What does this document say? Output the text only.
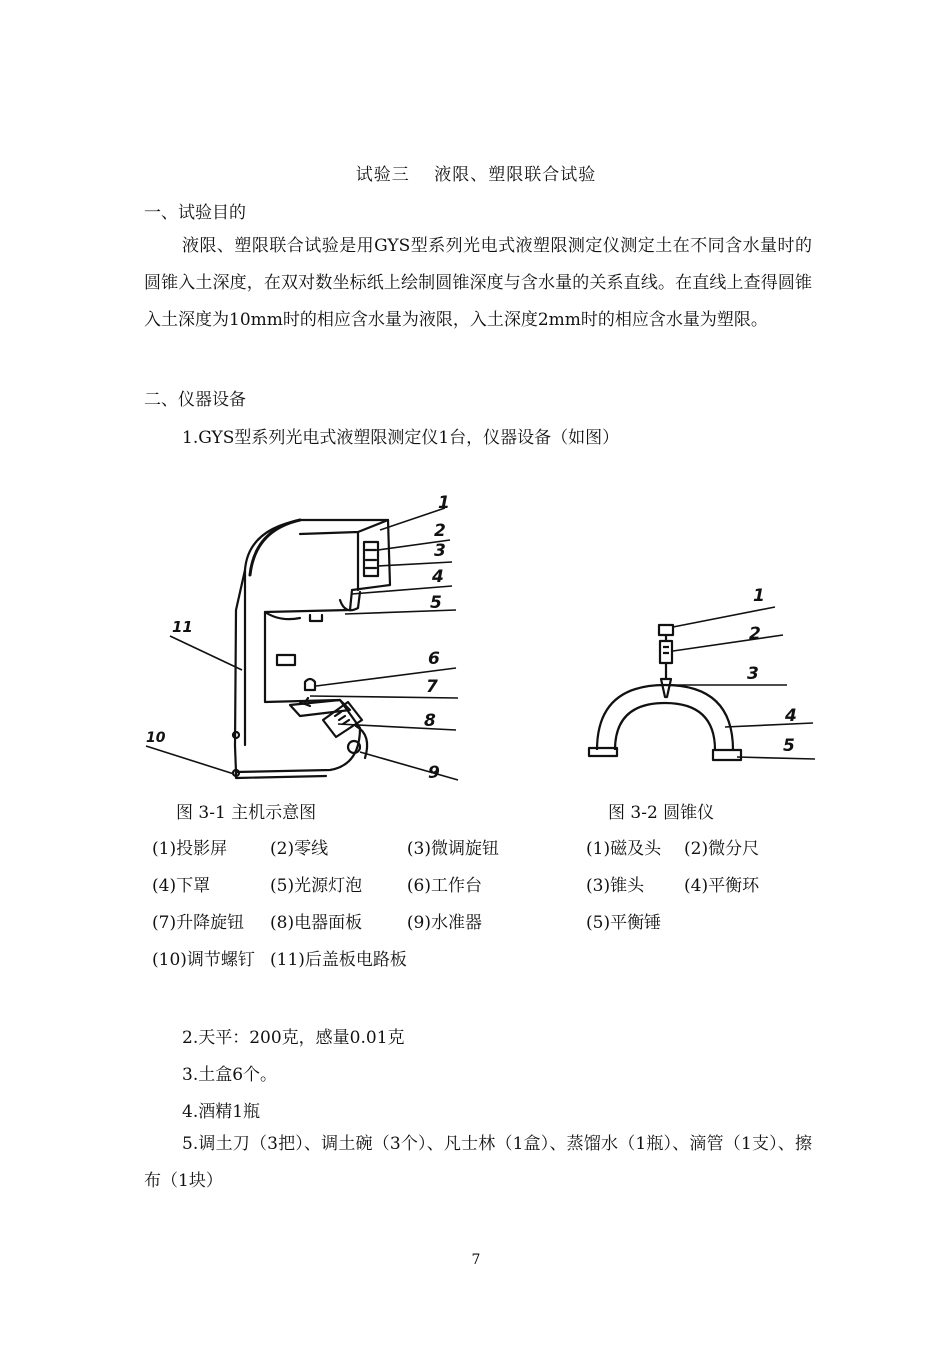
试验三　 液限、塑限联合试验
一、试验目的
液限、塑限联合试验是用GYS型系列光电式液塑限测定仪测定土在不同含水量时的圆锥入土深度，在双对数坐标纸上绘制圆锥深度与含水量的关系直线。在直线上查得圆锥入土深度为10mm时的相应含水量为液限，入土深度2mm时的相应含水量为塑限。
二、仪器设备
1.GYS型系列光电式液塑限测定仪1台，仪器设备（如图）
1
2
3
4
5
6
7
8
9
10
11
1
2
3
4
5
图 3-1 主机示意图	图 3-2 圆锥仪
(1)投影屏	(2)零线	(3)微调旋钮
(4)下罩	(5)光源灯泡	(6)工作台
(7)升降旋钮	(8)电器面板	(9)水准器
(10)调节螺钉	(11)后盖板电路板	
(1)磁及头	(2)微分尺
(3)锥头	(4)平衡环
(5)平衡锤	
2.天平：200克，感量0.01克
3.土盒6个。
4.酒精1瓶
5.调土刀（3把）、调土碗（3个）、凡士林（1盒）、蒸馏水（1瓶）、滴管（1支）、擦布（1块）
7
